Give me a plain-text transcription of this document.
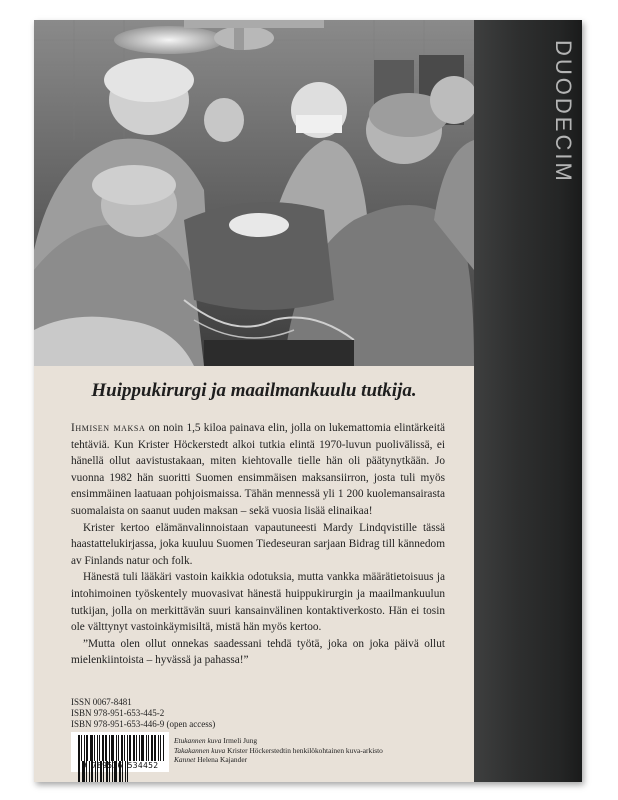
Huippukirurgi ja maailmankuulu tutkija.

Ihmisen maksa on noin 1,5 kiloa painava elin, jolla on lukemattomia elintärkeitä tehtäviä. Kun Krister Höckerstedt alkoi tutkia elintä 1970-luvun puolivälissä, ei hänellä ollut aavistustakaan, miten kiehtovalle tielle hän oli päätynytkään. Jo vuonna 1982 hän suoritti Suomen ensimmäisen maksansiirron, josta tuli myös ensimmäinen laatuaan pohjoismaissa. Tähän mennessä yli 1 200 kuolemansairasta suomalaista on saanut uuden maksan – sekä vuosia lisää elinaikaa!

Krister kertoo elämänvalinnoistaan vapautuneesti Mardy Lindqvistille tässä haastattelukirjassa, joka kuuluu Suomen Tiedeseuran sarjaan Bidrag till kännedom av Finlands natur och folk.

Hänestä tuli lääkäri vastoin kaikkia odotuksia, mutta vankka määrätietoisuus ja intohimoinen työskentely muovasivat hänestä huippukirurgin ja maailmankuulun tutkijan, jolla on merkittävän suuri kansainvälinen kontaktiverkosto. Hän ei tosin ole välttynyt vastoinkäymisiltä, mistä hän myös kertoo.

”Mutta olen ollut onnekas saadessani tehdä työtä, joka on joka päivä ollut mielenkiintoista – hyvässä ja pahassa!”

ISSN 0067-8481
ISBN 978-951-653-445-2
ISBN 978-951-653-446-9 (open access)
9 789516 534452
Etukannen kuva Irmeli Jung
Takakannen kuva Krister Höckerstedtin henkilökohtainen kuva-arkisto
Kannet Helena Kajander
DUODECIM
